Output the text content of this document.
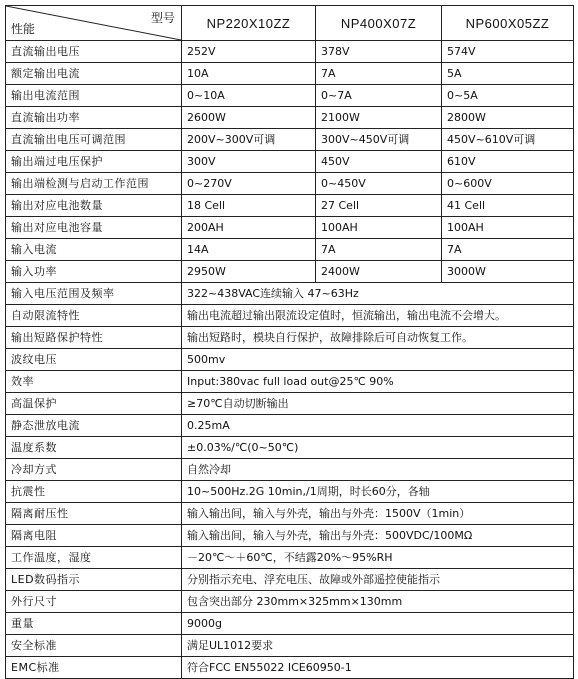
型号
性能	NP220X10ZZ	NP400X07Z	NP600X05ZZ
直流输出电压	252V	378V	574V
额定输出电流	10A	7A	5A
输出电流范围	0~10A	0~7A	0~5A
直流输出功率	2600W	2100W	2800W
直流输出电压可调范围	200V~300V可调	300V~450V可调	450V~610V可调
输出端过电压保护	300V	450V	610V
输出端检测与启动工作范围	0~270V	0~450V	0~600V
输出对应电池数量	18 Cell	27 Cell	41 Cell
输出对应电池容量	200AH	100AH	100AH
输入电流	14A	7A	7A
输入功率	2950W	2400W	3000W
输入电压范围及频率	322~438VAC连续输入 47~63Hz		
自动限流特性	输出电流超过输出限流设定值时，恒流输出，输出电流不会增大。		
输出短路保护特性	输出短路时，模块自行保护，故障排除后可自动恢复工作。		
波纹电压	500mv		
效率	Input:380vac full load out@25℃ 90%		
高温保护	≥70℃自动切断输出		
静态泄放电流	0.25mA		
温度系数	±0.03%/℃(0~50℃)		
冷却方式	自然冷却		
抗震性	10~500Hz.2G 10min,/1周期，时长60分，各轴		
隔离耐压性	输入输出间，输入与外壳，输出与外壳：1500V（1min）		
隔离电阻	输入输出间，输入与外壳，输出与外壳：500VDC/100MΩ		
工作温度，湿度	－20℃～＋60℃，不结露20%～95%RH		
LED数码指示	分别指示充电、浮充电压、故障或外部遥控使能指示		
外行尺寸	包含突出部分 230mm×325mm×130mm		
重量	9000g		
安全标准	满足UL1012要求		
EMC标准	符合FCC EN55022 ICE60950-1		
